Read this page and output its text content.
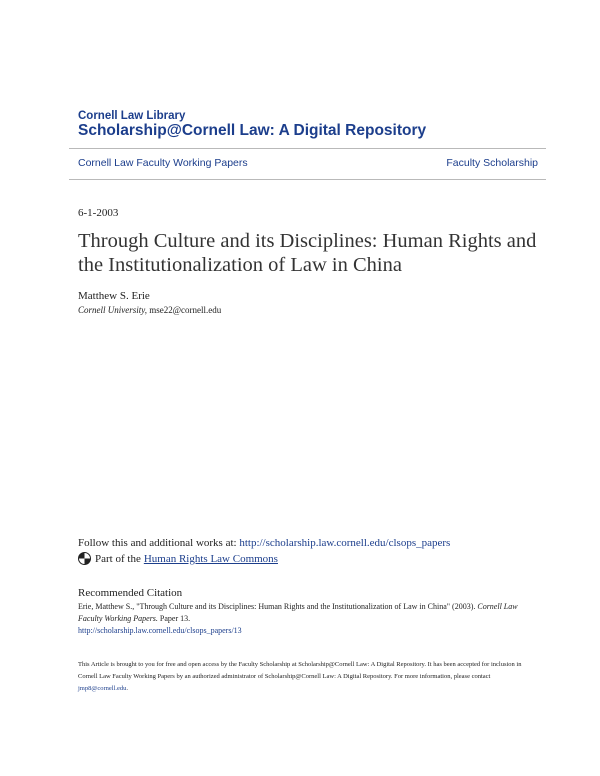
Cornell Law Library
Scholarship@Cornell Law: A Digital Repository
Cornell Law Faculty Working Papers	Faculty Scholarship
6-1-2003
Through Culture and its Disciplines: Human Rights and the Institutionalization of Law in China
Matthew S. Erie
Cornell University, mse22@cornell.edu
Follow this and additional works at: http://scholarship.law.cornell.edu/clsops_papers
Part of the Human Rights Law Commons
Recommended Citation
Erie, Matthew S., "Through Culture and its Disciplines: Human Rights and the Institutionalization of Law in China" (2003). Cornell Law Faculty Working Papers. Paper 13.
http://scholarship.law.cornell.edu/clsops_papers/13
This Article is brought to you for free and open access by the Faculty Scholarship at Scholarship@Cornell Law: A Digital Repository. It has been accepted for inclusion in Cornell Law Faculty Working Papers by an authorized administrator of Scholarship@Cornell Law: A Digital Repository. For more information, please contact jmp8@cornell.edu.
